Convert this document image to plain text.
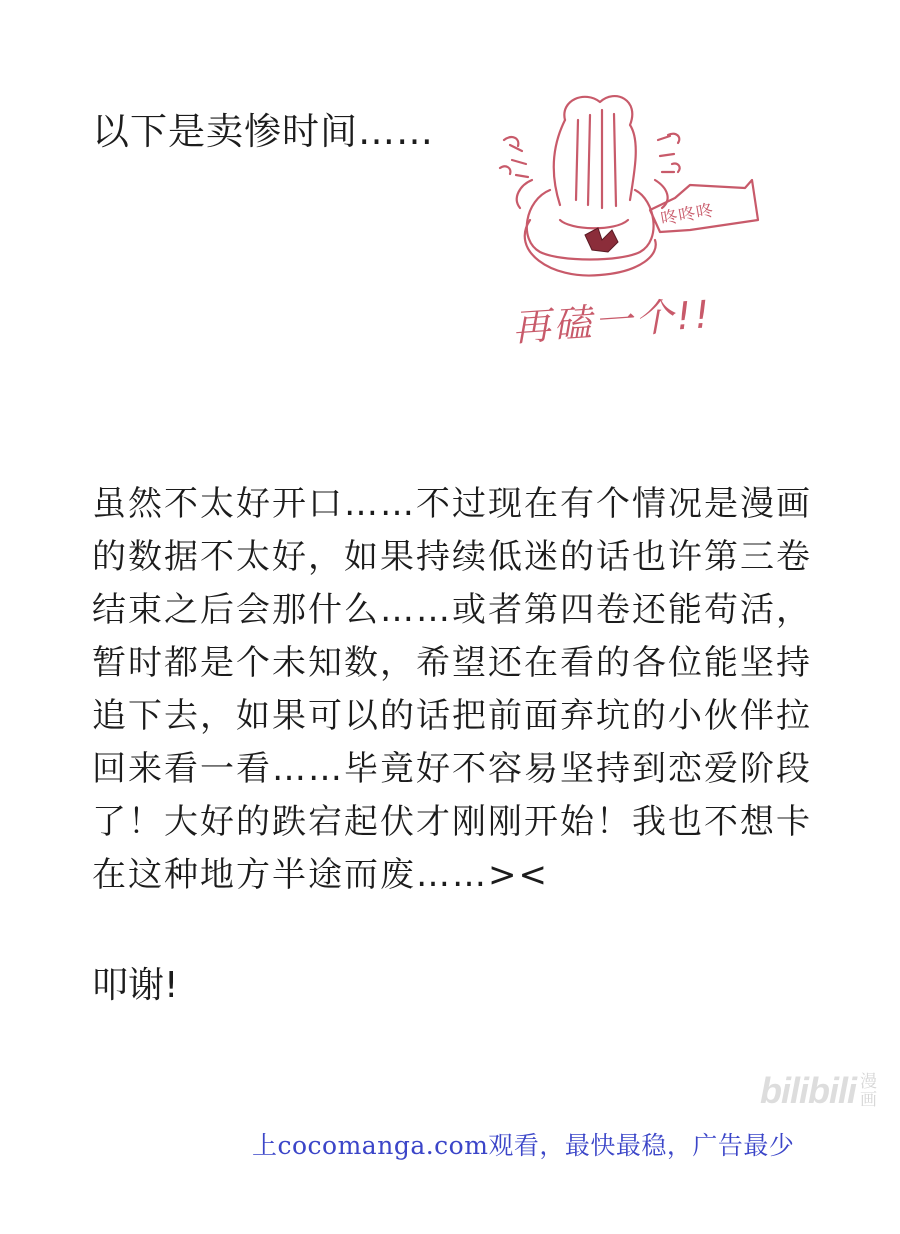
以下是卖惨时间……
咚咚咚
再磕一个!!
虽然不太好开口……不过现在有个情况是漫画
的数据不太好，如果持续低迷的话也许第三卷
结束之后会那什么……或者第四卷还能苟活，
暂时都是个未知数，希望还在看的各位能坚持
追下去，如果可以的话把前面弃坑的小伙伴拉
回来看一看……毕竟好不容易坚持到恋爱阶段
了！大好的跌宕起伏才刚刚开始！我也不想卡
在这种地方半途而废……><
叩谢!
bilibili 漫画
上cocomanga.com观看，最快最稳，广告最少
